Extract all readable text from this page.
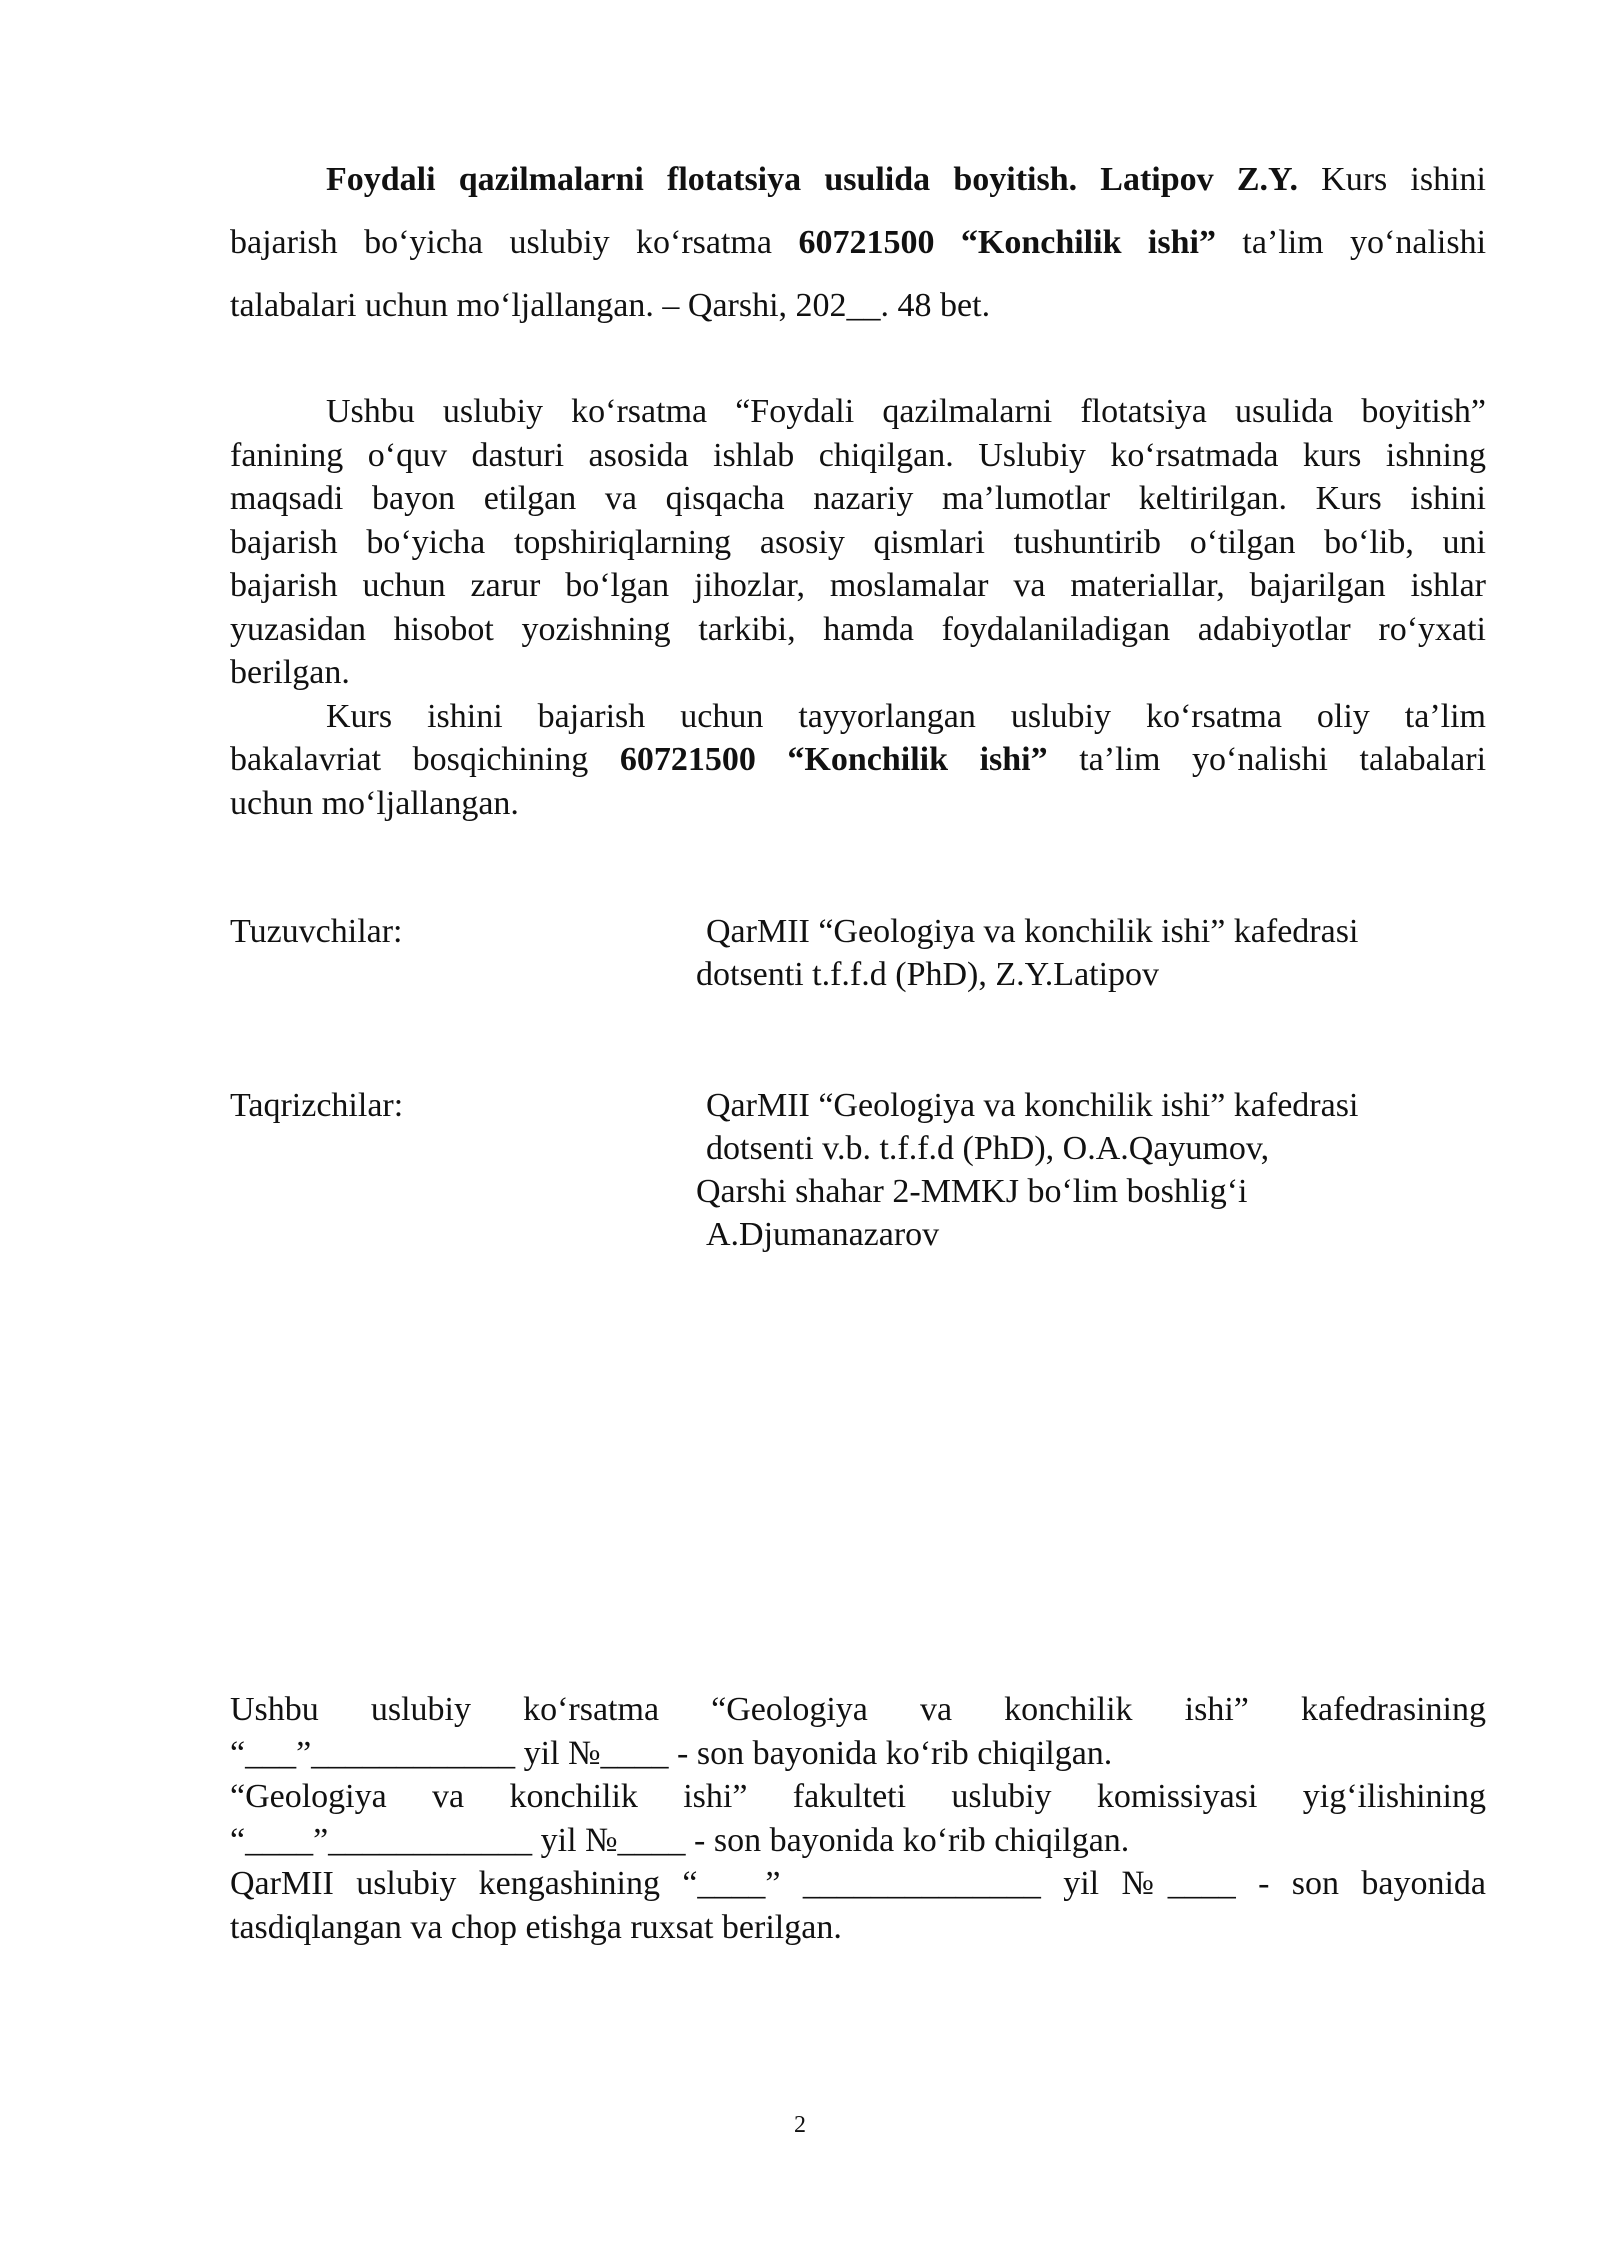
Foydali qazilmalarni flotatsiya usulida boyitish. Latipov Z.Y. Kurs ishini
bajarish bo‘yicha uslubiy ko‘rsatma 60721500 “Konchilik ishi” ta’lim yo‘nalishi
talabalari uchun mo‘ljallangan. – Qarshi, 202__. 48 bet.
Ushbu uslubiy ko‘rsatma “Foydali qazilmalarni flotatsiya usulida boyitish”
fanining o‘quv dasturi asosida ishlab chiqilgan. Uslubiy ko‘rsatmada kurs ishning
maqsadi bayon etilgan va qisqacha nazariy ma’lumotlar keltirilgan. Kurs ishini
bajarish bo‘yicha topshiriqlarning asosiy qismlari tushuntirib o‘tilgan bo‘lib, uni
bajarish uchun zarur bo‘lgan jihozlar, moslamalar va materiallar, bajarilgan ishlar
yuzasidan hisobot yozishning tarkibi, hamda foydalaniladigan adabiyotlar ro‘yxati
berilgan.
Kurs ishini bajarish uchun tayyorlangan uslubiy ko‘rsatma oliy ta’lim
bakalavriat bosqichining 60721500 “Konchilik ishi” ta’lim yo‘nalishi talabalari
uchun mo‘ljallangan.
Tuzuvchilar:	QarMII “Geologiya va konchilik ishi” kafedrasi
dotsenti t.f.f.d (PhD), Z.Y.Latipov
Taqrizchilar:	QarMII “Geologiya va konchilik ishi” kafedrasi
dotsenti v.b. t.f.f.d (PhD), O.A.Qayumov,
Qarshi shahar 2-MMKJ bo‘lim boshlig‘i
A.Djumanazarov
Ushbu uslubiy ko‘rsatma “Geologiya va konchilik ishi” kafedrasining
“___”____________ yil №____ - son bayonida ko‘rib chiqilgan.
“Geologiya va konchilik ishi” fakulteti uslubiy komissiyasi yig‘ilishining
“____”____________ yil №____ - son bayonida ko‘rib chiqilgan.
QarMII uslubiy kengashining “____” ______________ yil №____ - son bayonida
tasdiqlangan va chop etishga ruxsat berilgan.
2
